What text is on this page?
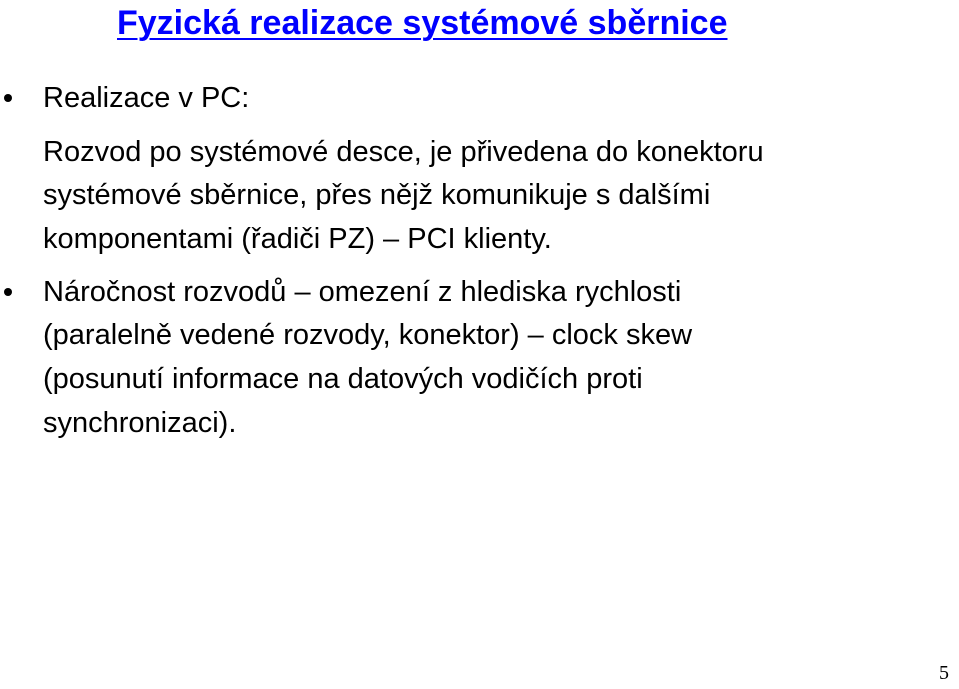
Fyzická realizace systémové sběrnice
Realizace v PC:
Rozvod po systémové desce, je přivedena do konektoru
systémové sběrnice, přes nějž komunikuje s dalšími
komponentami (řadiči PZ) – PCI klienty.
Náročnost rozvodů – omezení z hlediska rychlosti
(paralelně vedené rozvody, konektor) – clock skew
(posunutí informace na datových vodičích proti
synchronizaci).
5
